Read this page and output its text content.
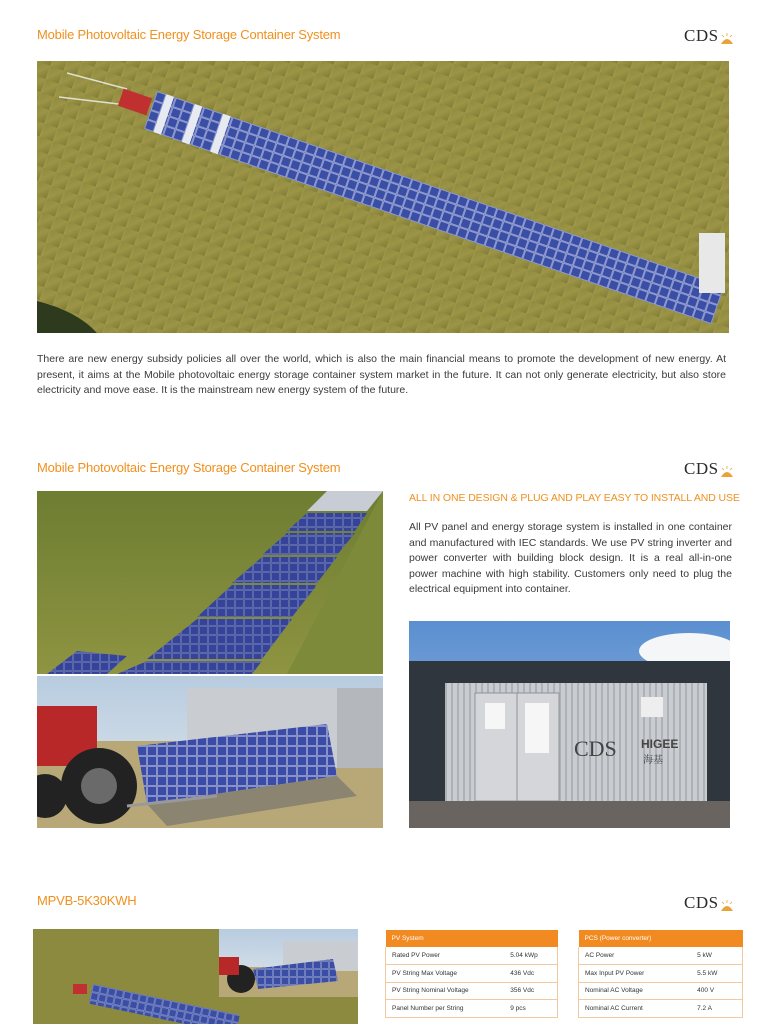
Mobile Photovoltaic Energy Storage Container System	CDS
There are new energy subsidy policies all over the world, which is also the main financial means to promote the development of new energy. At present, it aims at the Mobile photovoltaic energy storage container system market in the future. It can not only generate electricity, but also store electricity and move ease. It is the mainstream new energy system of the future.
Mobile Photovoltaic Energy Storage Container System	CDS
ALL IN ONE DESIGN & PLUG AND PLAY EASY TO INSTALL AND USE
All PV panel and energy storage system is installed in one container and manufactured with IEC standards. We use PV string inverter and power converter with building block design. It is a real all-in-one power machine with high stability. Customers only need to plug the electrical equipment into container.
CDS HIGEE
海基
MPVB-5K30KWH	CDS
PV System	
Rated PV Power	5.04 kWp
PV String Max Voltage	436 Vdc
PV String Nominal Voltage	356 Vdc
Panel Number per String	9 pcs
PCS (Power converter)	
AC Power	5 kW
Max Input PV Power	5.5 kW
Nominal AC Voltage	400 V
Nominal AC Current	7.2 A
